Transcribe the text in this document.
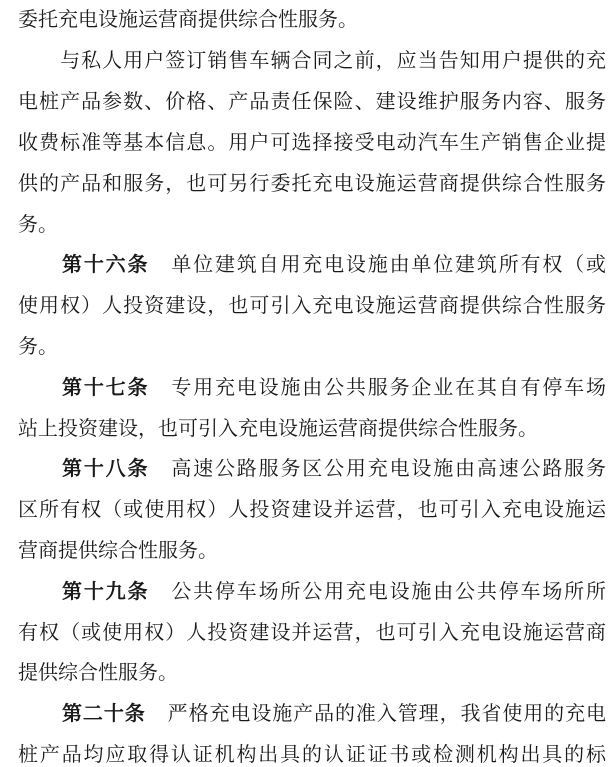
委托充电设施运营商提供综合性服务。
　　与私人用户签订销售车辆合同之前，应当告知用户提供的充
电桩产品参数、价格、产品责任保险、建设维护服务内容、服务
收费标准等基本信息。用户可选择接受电动汽车生产销售企业提
供的产品和服务，也可另行委托充电设施运营商提供综合性服务
务。
第十六条 单位建筑自用充电设施由单位建筑所有权（或
使用权）人投资建设，也可引入充电设施运营商提供综合性服务
务。
第十七条 专用充电设施由公共服务企业在其自有停车场
站上投资建设，也可引入充电设施运营商提供综合性服务。
第十八条 高速公路服务区公用充电设施由高速公路服务
区所有权（或使用权）人投资建设并运营，也可引入充电设施运
营商提供综合性服务。
第十九条 公共停车场所公用充电设施由公共停车场所所
有权（或使用权）人投资建设并运营，也可引入充电设施运营商
提供综合性服务。
第二十条 严格充电设施产品的准入管理，我省使用的充电
桩产品均应取得认证机构出具的认证证书或检测机构出具的标
